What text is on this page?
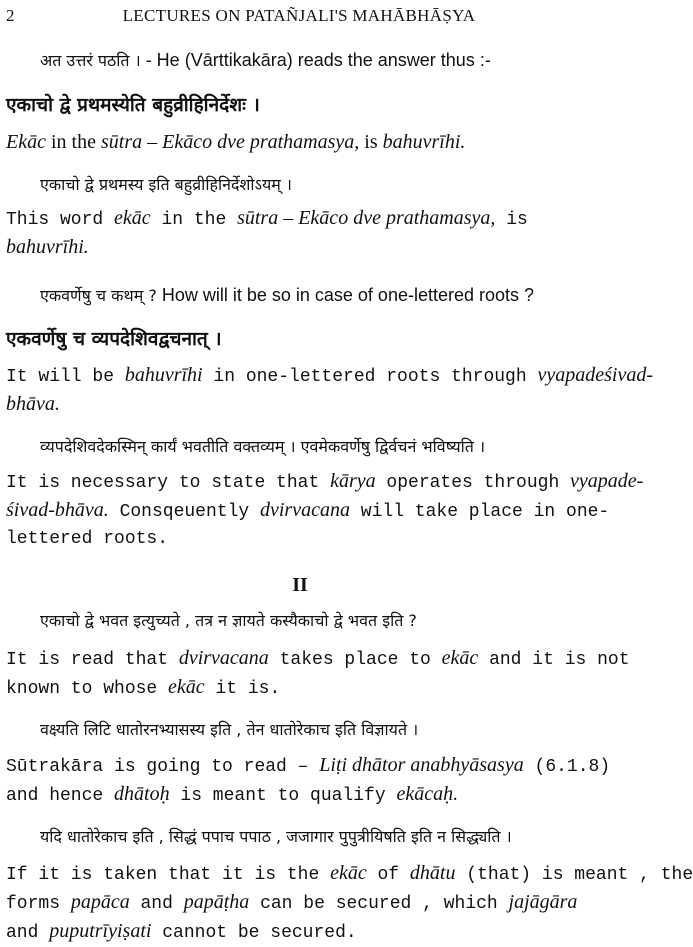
2	LECTURES ON PATAÑJALI'S MAHĀBHĀṢYA
अत उत्तरं पठति । - He (Vārttikakāra) reads the answer thus :-
एकाचो द्वे प्रथमस्येति बहुव्रीहिनिर्देशः ।
Ekāc in the sūtra – Ekāco dve prathamasya, is bahuvrīhi.
एकाचो द्वे प्रथमस्य इति बहुव्रीहिनिर्देशोऽयम् ।
This word ekāc in the sūtra – Ekāco dve prathamasya, is
bahuvrīhi.
एकवर्णेषु च कथम् ? How will it be so in case of one-lettered roots ?
एकवर्णेषु च व्यपदेशिवद्वचनात् ।
It will be bahuvrīhi in one-lettered roots through vyapadeśivad-
bhāva.
व्यपदेशिवदेकस्मिन् कार्यं भवतीति वक्तव्यम् । एवमेकवर्णेषु द्विर्वचनं भविष्यति ।
It is necessary to state that kārya operates through vyapade-
śivad-bhāva. Consqeuently dvirvacana will take place in one-
lettered roots.
II
एकाचो द्वे भवत इत्युच्यते , तत्र न ज्ञायते कस्यैकाचो द्वे भवत इति ?
It is read that dvirvacana takes place to ekāc and it is not
known to whose ekāc it is.
वक्ष्यति लिटि धातोरनभ्यासस्य इति , तेन धातोरेकाच इति विज्ञायते ।
Sūtrakāra is going to read – Liṭi dhātor anabhyāsasya (6.1.8)
and hence dhātoḥ is meant to qualify ekācaḥ.
यदि धातोरेकाच इति , सिद्धं पपाच पपाठ , जजागार पुपुत्रीयिषति इति न सिद्ध्यति ।
If it is taken that it is the ekāc of dhātu (that) is meant , the
forms papāca and papāṭha can be secured , which jajāgāra
and puputrīyiṣati cannot be secured.
